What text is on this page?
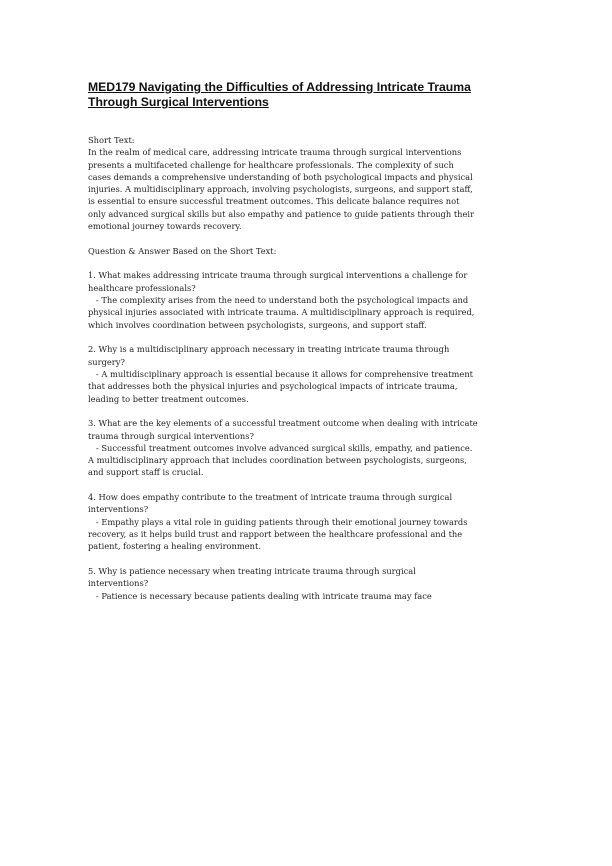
MED179 Navigating the Difficulties of Addressing Intricate Trauma Through Surgical Interventions

Short Text:

In the realm of medical care, addressing intricate trauma through surgical interventions presents a multifaceted challenge for healthcare professionals. The complexity of such cases demands a comprehensive understanding of both psychological impacts and physical injuries. A multidisciplinary approach, involving psychologists, surgeons, and support staff, is essential to ensure successful treatment outcomes. This delicate balance requires not only advanced surgical skills but also empathy and patience to guide patients through their emotional journey towards recovery.

Question & Answer Based on the Short Text:

1. What makes addressing intricate trauma through surgical interventions a challenge for healthcare professionals?

- The complexity arises from the need to understand both the psychological impacts and physical injuries associated with intricate trauma. A multidisciplinary approach is required, which involves coordination between psychologists, surgeons, and support staff.

2. Why is a multidisciplinary approach necessary in treating intricate trauma through surgery?

- A multidisciplinary approach is essential because it allows for comprehensive treatment that addresses both the physical injuries and psychological impacts of intricate trauma, leading to better treatment outcomes.

3. What are the key elements of a successful treatment outcome when dealing with intricate trauma through surgical interventions?

- Successful treatment outcomes involve advanced surgical skills, empathy, and patience. A multidisciplinary approach that includes coordination between psychologists, surgeons, and support staff is crucial.

4. How does empathy contribute to the treatment of intricate trauma through surgical interventions?

- Empathy plays a vital role in guiding patients through their emotional journey towards recovery, as it helps build trust and rapport between the healthcare professional and the patient, fostering a healing environment.

5. Why is patience necessary when treating intricate trauma through surgical interventions?

- Patience is necessary because patients dealing with intricate trauma may face
